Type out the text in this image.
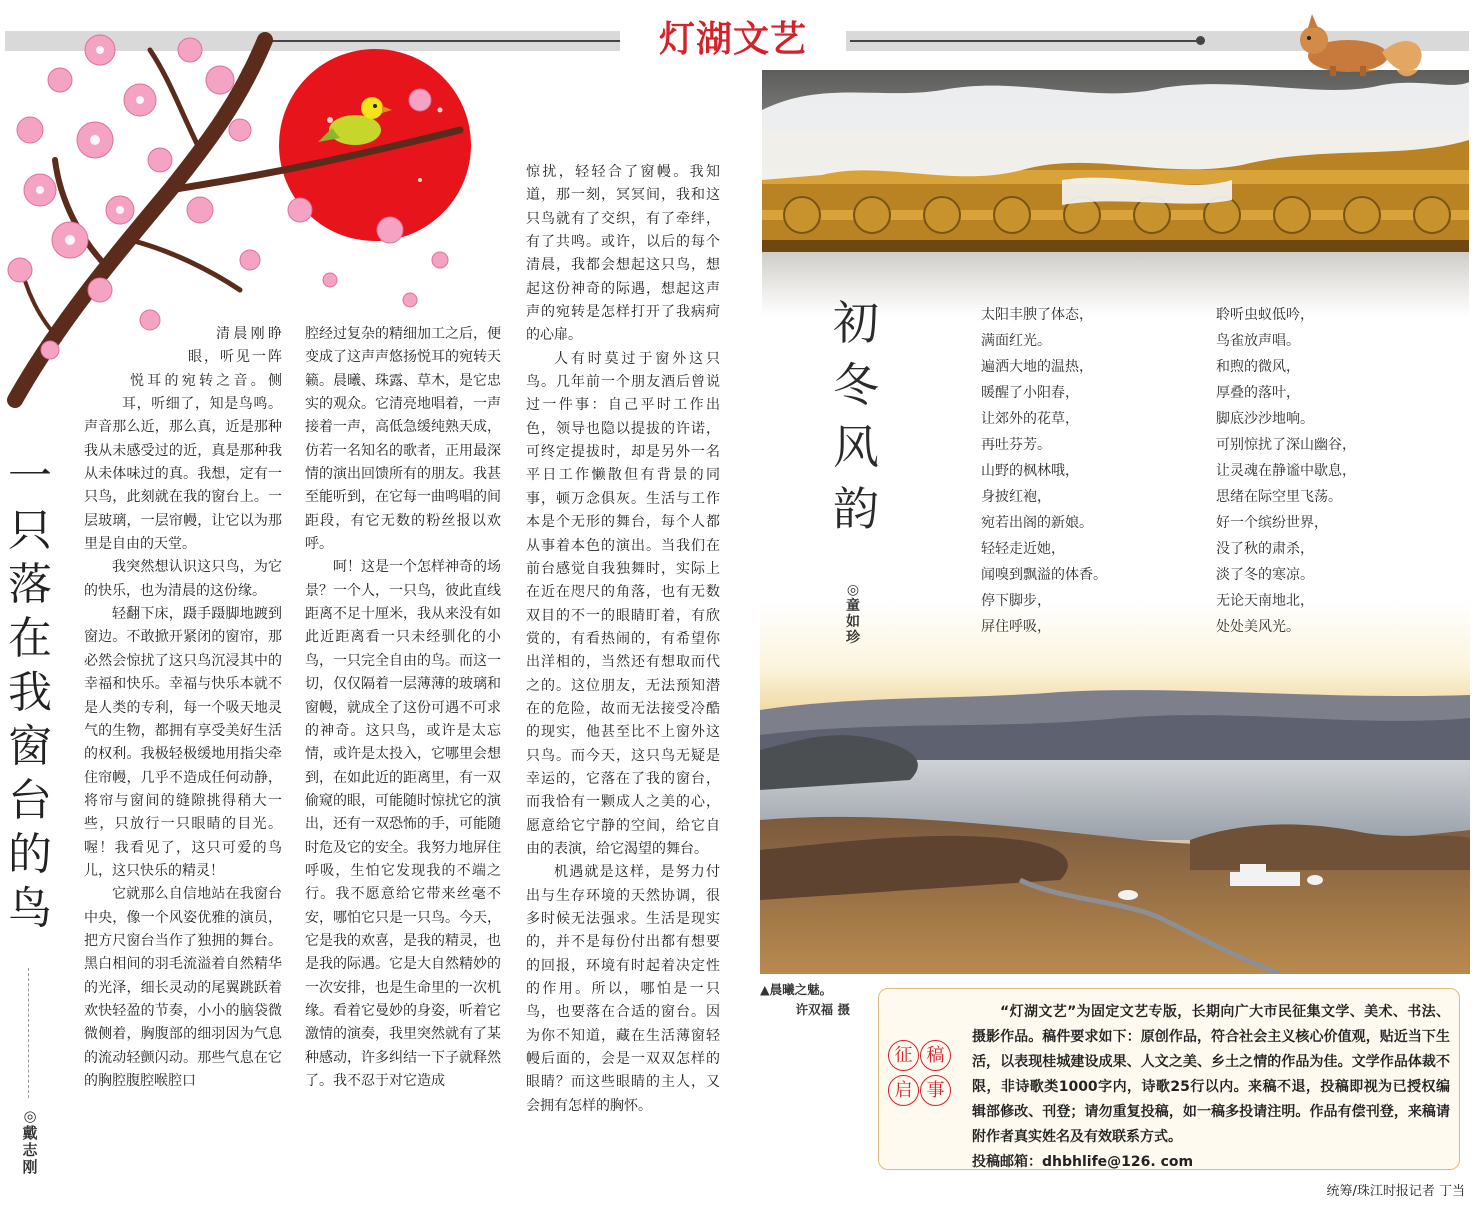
灯湖文艺
一
只
落
在
我
窗
台
的
鸟
◎戴志刚

清晨刚睁眼，听见一阵悦耳的宛转之音。侧耳，听细了，知是鸟鸣。声音那么近，那么真，近是那种我从未感受过的近，真是那种我从未体味过的真。我想，定有一只鸟，此刻就在我的窗台上。一层玻璃，一层帘幔，让它以为那里是自由的天堂。

我突然想认识这只鸟，为它的快乐，也为清晨的这份缘。

轻翻下床，蹑手蹑脚地踱到窗边。不敢掀开紧闭的窗帘，那必然会惊扰了这只鸟沉浸其中的幸福和快乐。幸福与快乐本就不是人类的专利，每一个吸天地灵气的生物，都拥有享受美好生活的权利。我极轻极缓地用指尖牵住帘幔，几乎不造成任何动静，将帘与窗间的缝隙挑得稍大一些，只放行一只眼睛的目光。喔！我看见了，这只可爱的鸟儿，这只快乐的精灵！

它就那么自信地站在我窗台中央，像一个风姿优雅的演员，把方尺窗台当作了独拥的舞台。黑白相间的羽毛流溢着自然精华的光泽，细长灵动的尾翼跳跃着欢快轻盈的节奏，小小的脑袋微微侧着，胸腹部的细羽因为气息的流动轻颤闪动。那些气息在它的胸腔腹腔喉腔口

腔经过复杂的精细加工之后，便变成了这声声悠扬悦耳的宛转天籁。晨曦、珠露、草木，是它忠实的观众。它清亮地唱着，一声接着一声，高低急缓纯熟天成，仿若一名知名的歌者，正用最深情的演出回馈所有的朋友。我甚至能听到，在它每一曲鸣唱的间距段，有它无数的粉丝报以欢呼。

呵！这是一个怎样神奇的场景？一个人，一只鸟，彼此直线距离不足十厘米，我从来没有如此近距离看一只未经驯化的小鸟，一只完全自由的鸟。而这一切，仅仅隔着一层薄薄的玻璃和窗幔，就成全了这份可遇不可求的神奇。这只鸟，或许是太忘情，或许是太投入，它哪里会想到，在如此近的距离里，有一双偷窥的眼，可能随时惊扰它的演出，还有一双恐怖的手，可能随时危及它的安全。我努力地屏住呼吸，生怕它发现我的不端之行。我不愿意给它带来丝毫不安，哪怕它只是一只鸟。今天，它是我的欢喜，是我的精灵，也是我的际遇。它是大自然精妙的一次安排，也是生命里的一次机缘。看着它曼妙的身姿，听着它激情的演奏，我里突然就有了某种感动，许多纠结一下子就释然了。我不忍于对它造成

惊扰，轻轻合了窗幔。我知道，那一刻，冥冥间，我和这只鸟就有了交织，有了牵绊，有了共鸣。或许，以后的每个清晨，我都会想起这只鸟，想起这份神奇的际遇，想起这声声的宛转是怎样打开了我病疴的心扉。

人有时莫过于窗外这只鸟。几年前一个朋友酒后曾说过一件事：自己平时工作出色，领导也隐以提拔的许诺，可终定提拔时，却是另外一名平日工作懒散但有背景的同事，顿万念俱灰。生活与工作本是个无形的舞台，每个人都从事着本色的演出。当我们在前台感觉自我独舞时，实际上在近在咫尺的角落，也有无数双目的不一的眼睛盯着，有欣赏的，有看热闹的，有希望你出洋相的，当然还有想取而代之的。这位朋友，无法预知潜在的危险，故而无法接受冷酷的现实，他甚至比不上窗外这只鸟。而今天，这只鸟无疑是幸运的，它落在了我的窗台，而我恰有一颗成人之美的心，愿意给它宁静的空间，给它自由的表演，给它渴望的舞台。

机遇就是这样，是努力付出与生存环境的天然协调，很多时候无法强求。生活是现实的，并不是每份付出都有想要的回报，环境有时起着决定性的作用。所以，哪怕是一只鸟，也要落在合适的窗台。因为你不知道，藏在生活薄窗轻幔后面的，会是一双双怎样的眼睛？而这些眼睛的主人，又会拥有怎样的胸怀。

初
冬
风
韵
◎童如珍
太阳丰腴了体态，
满面红光。
遍洒大地的温热，
暖醒了小阳春，
让郊外的花草，
再吐芬芳。
山野的枫林哦，
身披红袍，
宛若出阁的新娘。
轻轻走近她，
闻嗅到飘溢的体香。
停下脚步，
屏住呼吸，
聆听虫蚁低吟，
鸟雀放声唱。
和煦的微风，
厚叠的落叶，
脚底沙沙地响。
可别惊扰了深山幽谷，
让灵魂在静谧中歇息，
思绪在际空里飞荡。
好一个缤纷世界，
没了秋的肃杀，
淡了冬的寒凉。
无论天南地北，
处处美风光。
▲晨曦之魅。
许双福 摄
征 稿
启 事

“灯湖文艺”为固定文艺专版，长期向广大市民征集文学、美术、书法、摄影作品。稿件要求如下：原创作品，符合社会主义核心价值观，贴近当下生活，以表现桂城建设成果、人文之美、乡土之情的作品为佳。文学作品体裁不限，非诗歌类1000字内，诗歌25行以内。来稿不退，投稿即视为已授权编辑部修改、刊登；请勿重复投稿，如一稿多投请注明。作品有偿刊登，来稿请附作者真实姓名及有效联系方式。

投稿邮箱：dhbhlife@126. com

统筹/珠江时报记者 丁当
